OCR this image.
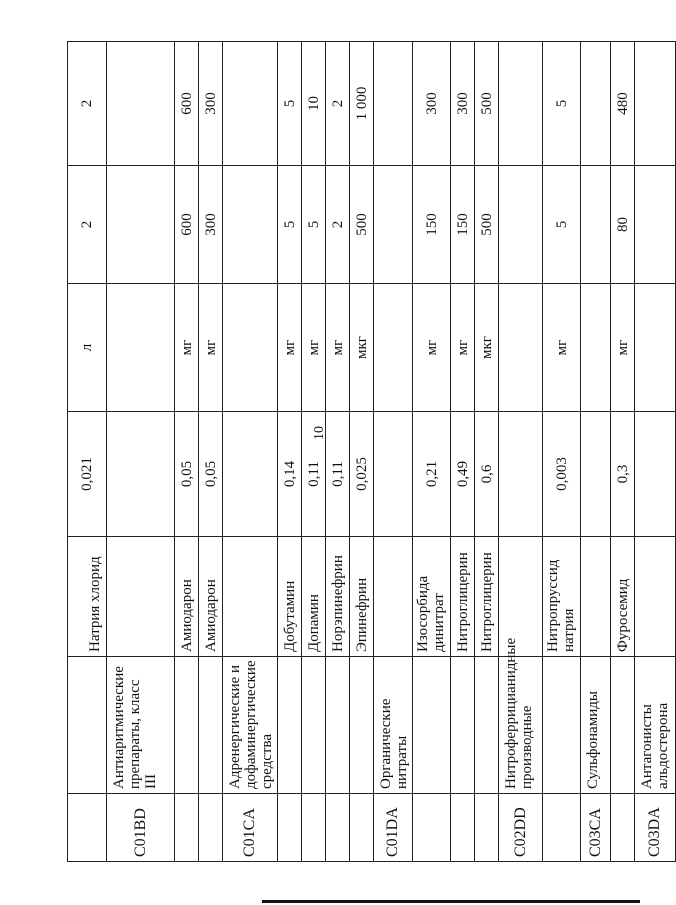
10
		Натрия хлорид	0,021	л	2	2
C01BD	Антиаритмические препараты, класс III					
		Амиодарон	0,05	мг	600	600
		Амиодарон	0,05	мг	300	300
C01CA	Адренергические и дофаминергические средства					
		Добутамин	0,14	мг	5	5
		Допамин	0,11	мг	5	10
		Норэпинефрин	0,11	мг	2	2
		Эпинефрин	0,025	мкг	500	1 000
C01DA	Органические нитраты					
		Изосорбида динитрат	0,21	мг	150	300
		Нитроглицерин	0,49	мг	150	300
		Нитроглицерин	0,6	мкг	500	500
C02DD	Нитроферрицианидные производные					
		Нитропруссид натрия	0,003	мг	5	5
C03CA	Сульфонамиды					
		Фуросемид	0,3	мг	80	480
C03DA	Антагонисты альдостерона					
